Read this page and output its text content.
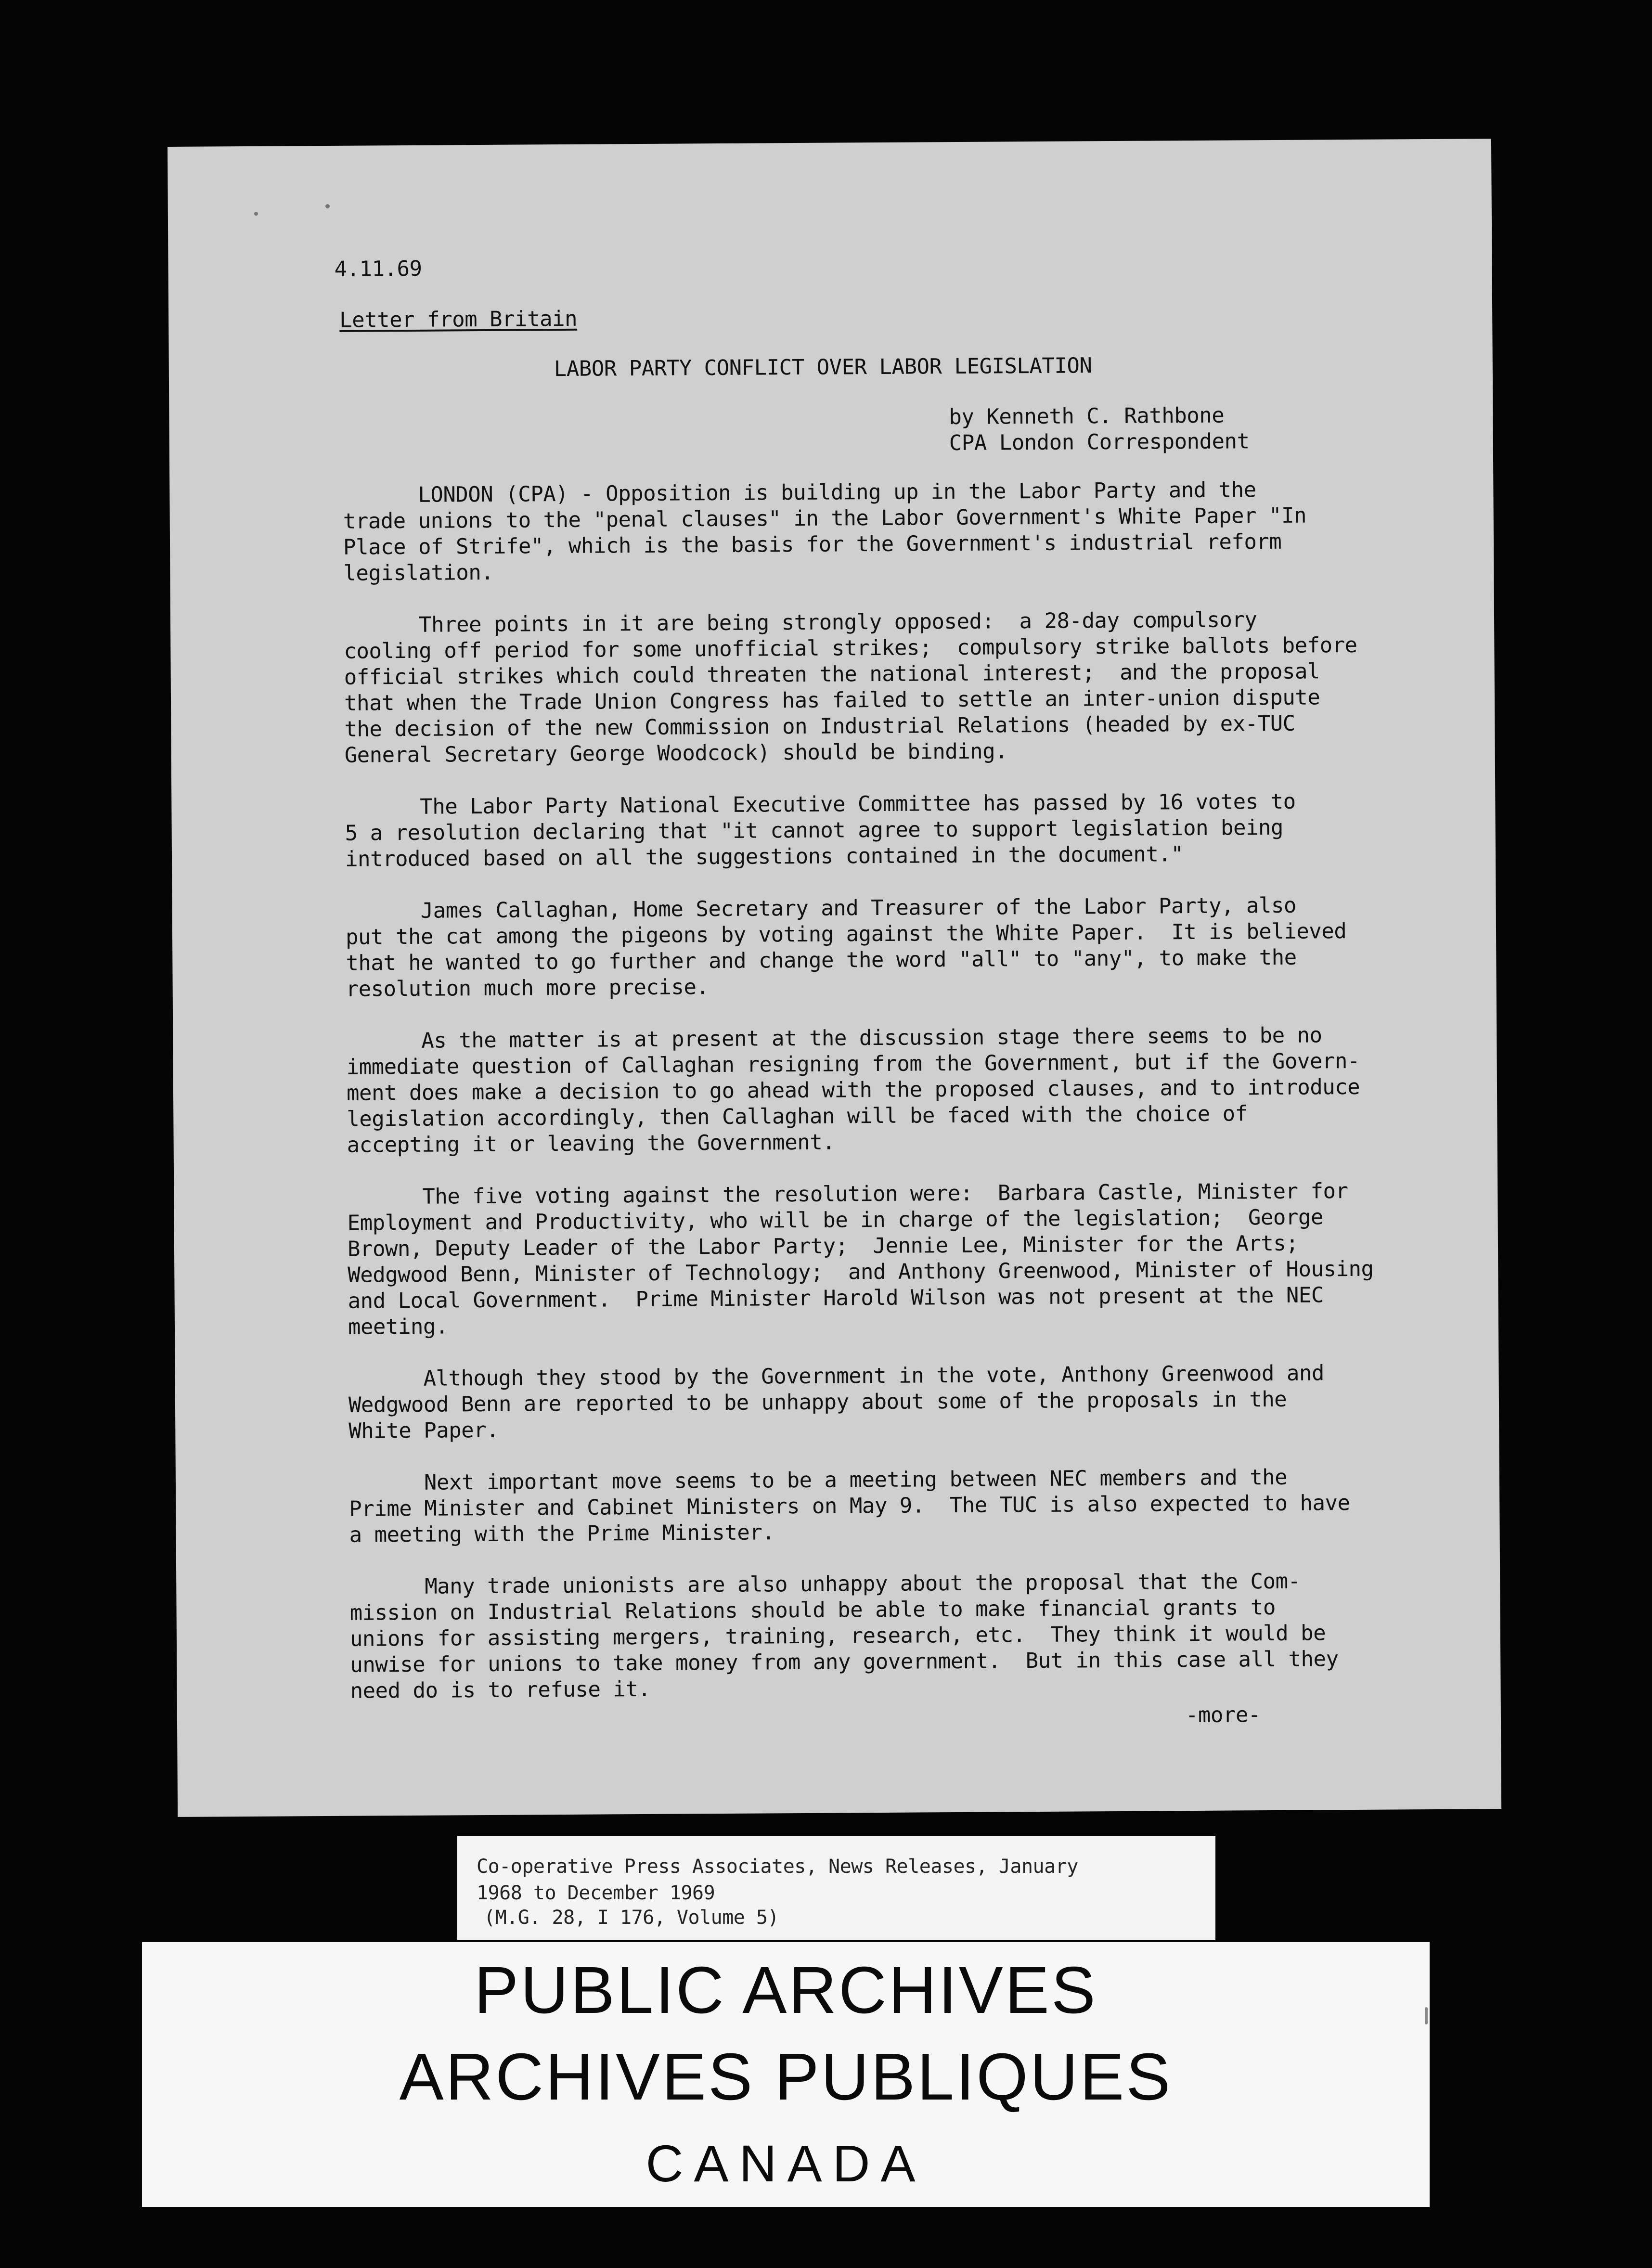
4.11.69
Letter from Britain
LABOR PARTY CONFLICT OVER LABOR LEGISLATION
by Kenneth C. Rathbone
CPA London Correspondent
LONDON (CPA) - Opposition is building up in the Labor Party and the
trade unions to the "penal clauses" in the Labor Government's White Paper "In
Place of Strife", which is the basis for the Government's industrial reform
legislation.
Three points in it are being strongly opposed:  a 28-day compulsory
cooling off period for some unofficial strikes;  compulsory strike ballots before
official strikes which could threaten the national interest;  and the proposal
that when the Trade Union Congress has failed to settle an inter-union dispute
the decision of the new Commission on Industrial Relations (headed by ex-TUC
General Secretary George Woodcock) should be binding.
The Labor Party National Executive Committee has passed by 16 votes to
5 a resolution declaring that "it cannot agree to support legislation being
introduced based on all the suggestions contained in the document."
James Callaghan, Home Secretary and Treasurer of the Labor Party, also
put the cat among the pigeons by voting against the White Paper.  It is believed
that he wanted to go further and change the word "all" to "any", to make the
resolution much more precise.
As the matter is at present at the discussion stage there seems to be no
immediate question of Callaghan resigning from the Government, but if the Govern-
ment does make a decision to go ahead with the proposed clauses, and to introduce
legislation accordingly, then Callaghan will be faced with the choice of
accepting it or leaving the Government.
The five voting against the resolution were:  Barbara Castle, Minister for
Employment and Productivity, who will be in charge of the legislation;  George
Brown, Deputy Leader of the Labor Party;  Jennie Lee, Minister for the Arts;
Wedgwood Benn, Minister of Technology;  and Anthony Greenwood, Minister of Housing
and Local Government.  Prime Minister Harold Wilson was not present at the NEC
meeting.
Although they stood by the Government in the vote, Anthony Greenwood and
Wedgwood Benn are reported to be unhappy about some of the proposals in the
White Paper.
Next important move seems to be a meeting between NEC members and the
Prime Minister and Cabinet Ministers on May 9.  The TUC is also expected to have
a meeting with the Prime Minister.
Many trade unionists are also unhappy about the proposal that the Com-
mission on Industrial Relations should be able to make financial grants to
unions for assisting mergers, training, research, etc.  They think it would be
unwise for unions to take money from any government.  But in this case all they
need do is to refuse it.
-more-
Co-operative Press Associates, News Releases, January
1968 to December 1969
(M.G. 28, I 176, Volume 5)
PUBLIC ARCHIVES
ARCHIVES PUBLIQUES
CANADA
